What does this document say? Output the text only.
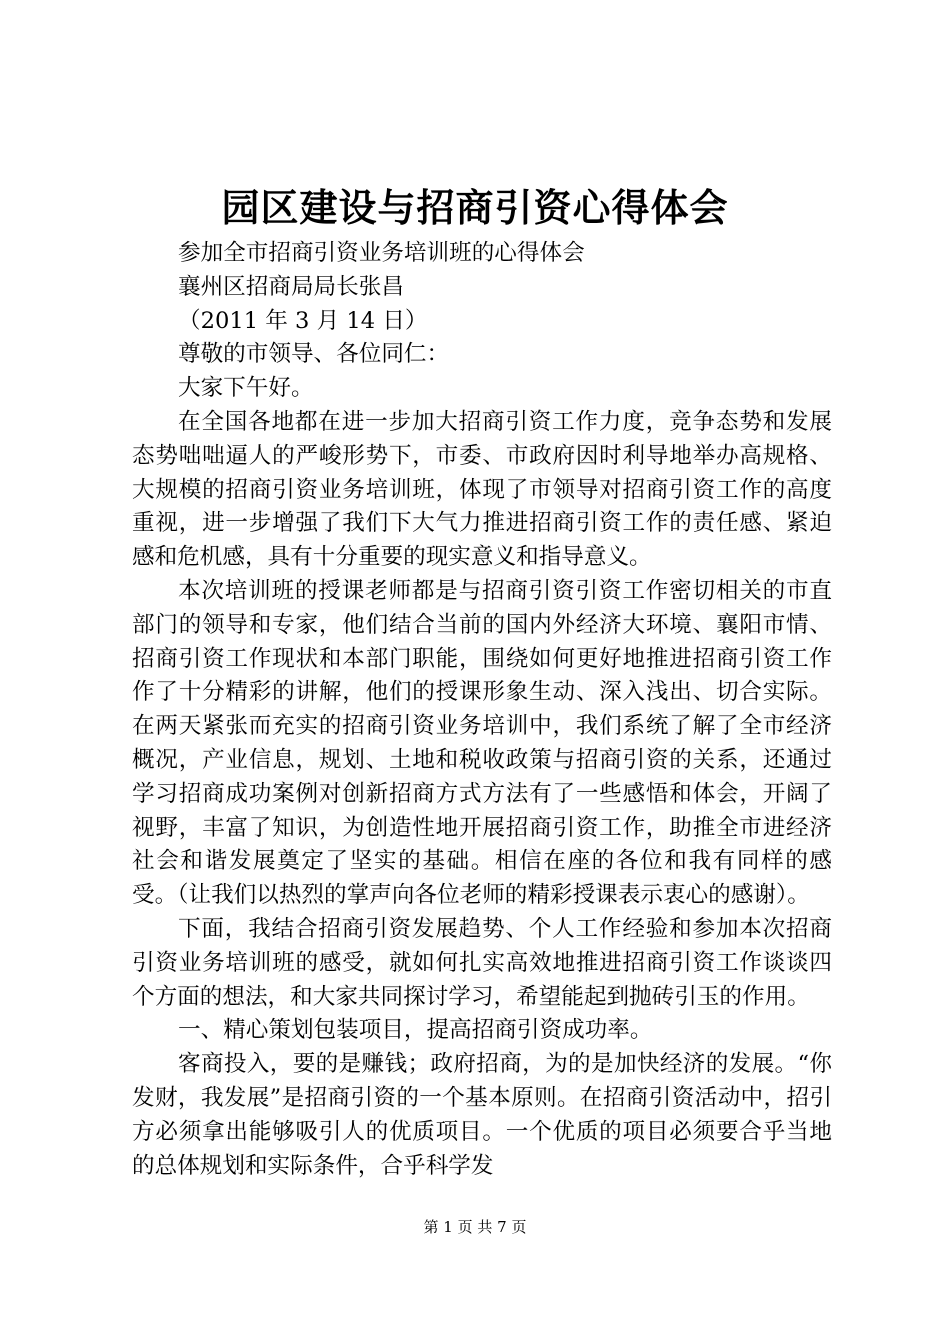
园区建设与招商引资心得体会

参加全市招商引资业务培训班的心得体会

襄州区招商局局长张昌

（2011 年 3 月 14 日）

尊敬的市领导、各位同仁：

大家下午好。

在全国各地都在进一步加大招商引资工作力度，竞争态势和发展态势咄咄逼人的严峻形势下，市委、市政府因时利导地举办高规格、大规模的招商引资业务培训班，体现了市领导对招商引资工作的高度重视，进一步增强了我们下大气力推进招商引资工作的责任感、紧迫感和危机感，具有十分重要的现实意义和指导意义。

本次培训班的授课老师都是与招商引资引资工作密切相关的市直部门的领导和专家，他们结合当前的国内外经济大环境、襄阳市情、招商引资工作现状和本部门职能，围绕如何更好地推进招商引资工作作了十分精彩的讲解，他们的授课形象生动、深入浅出、切合实际。在两天紧张而充实的招商引资业务培训中，我们系统了解了全市经济概况，产业信息，规划、土地和税收政策与招商引资的关系，还通过学习招商成功案例对创新招商方式方法有了一些感悟和体会，开阔了视野，丰富了知识，为创造性地开展招商引资工作，助推全市进经济社会和谐发展奠定了坚实的基础。相信在座的各位和我有同样的感受。（让我们以热烈的掌声向各位老师的精彩授课表示衷心的感谢）。

下面，我结合招商引资发展趋势、个人工作经验和参加本次招商引资业务培训班的感受，就如何扎实高效地推进招商引资工作谈谈四个方面的想法，和大家共同探讨学习，希望能起到抛砖引玉的作用。

一、精心策划包装项目，提高招商引资成功率。

客商投入，要的是赚钱；政府招商，为的是加快经济的发展。“你发财，我发展”是招商引资的一个基本原则。在招商引资活动中，招引方必须拿出能够吸引人的优质项目。一个优质的项目必须要合乎当地的总体规划和实际条件，合乎科学发

第 1 页 共 7 页
